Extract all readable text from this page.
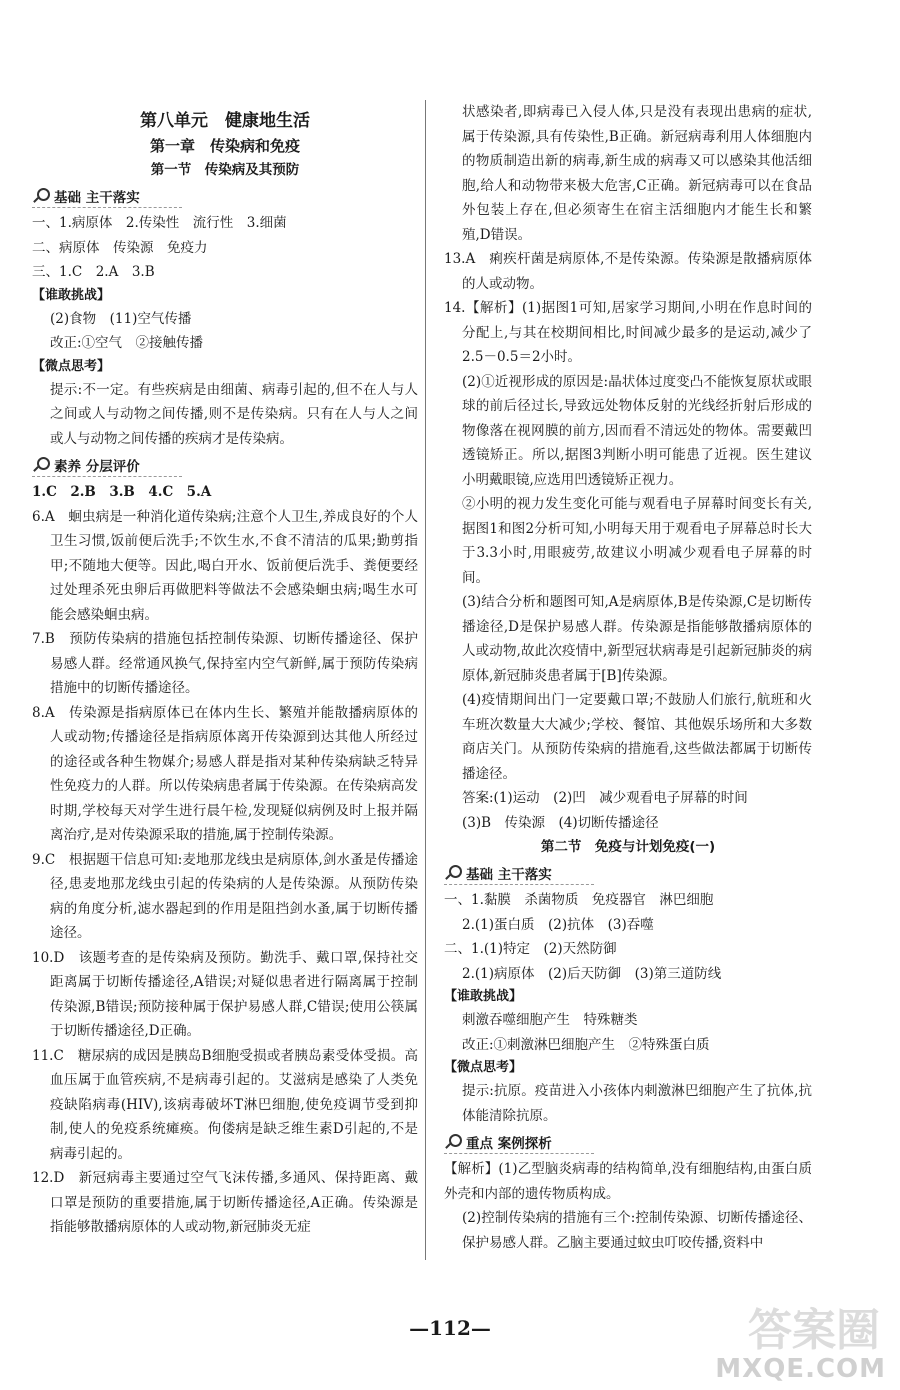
第八单元　健康地生活

第一章　传染病和免疫

第一节　传染病及其预防

基础 主干落实

一、1.病原体　2.传染性　流行性　3.细菌

二、病原体　传染源　免疫力

三、1.C　2.A　3.B

【谁敢挑战】

(2)食物　(11)空气传播

改正:①空气　②接触传播

【微点思考】

提示:不一定。有些疾病是由细菌、病毒引起的,但不在人与人之间或人与动物之间传播,则不是传染病。只有在人与人之间或人与动物之间传播的疾病才是传染病。

素养 分层评价

1.C　2.B　3.B　4.C　5.A

6.A　蛔虫病是一种消化道传染病;注意个人卫生,养成良好的个人卫生习惯,饭前便后洗手;不饮生水,不食不清洁的瓜果;勤剪指甲;不随地大便等。因此,喝白开水、饭前便后洗手、粪便要经过处理杀死虫卵后再做肥料等做法不会感染蛔虫病;喝生水可能会感染蛔虫病。

7.B　预防传染病的措施包括控制传染源、切断传播途径、保护易感人群。经常通风换气,保持室内空气新鲜,属于预防传染病措施中的切断传播途径。

8.A　传染源是指病原体已在体内生长、繁殖并能散播病原体的人或动物;传播途径是指病原体离开传染源到达其他人所经过的途径或各种生物媒介;易感人群是指对某种传染病缺乏特异性免疫力的人群。所以传染病患者属于传染源。在传染病高发时期,学校每天对学生进行晨午检,发现疑似病例及时上报并隔离治疗,是对传染源采取的措施,属于控制传染源。

9.C　根据题干信息可知:麦地那龙线虫是病原体,剑水蚤是传播途径,患麦地那龙线虫引起的传染病的人是传染源。从预防传染病的角度分析,滤水器起到的作用是阻挡剑水蚤,属于切断传播途径。

10.D　该题考查的是传染病及预防。勤洗手、戴口罩,保持社交距离属于切断传播途径,A错误;对疑似患者进行隔离属于控制传染源,B错误;预防接种属于保护易感人群,C错误;使用公筷属于切断传播途径,D正确。

11.C　糖尿病的成因是胰岛B细胞受损或者胰岛素受体受损。高血压属于血管疾病,不是病毒引起的。艾滋病是感染了人类免疫缺陷病毒(HIV),该病毒破坏T淋巴细胞,使免疫调节受到抑制,使人的免疫系统瘫痪。佝偻病是缺乏维生素D引起的,不是病毒引起的。

12.D　新冠病毒主要通过空气飞沫传播,多通风、保持距离、戴口罩是预防的重要措施,属于切断传播途径,A正确。传染源是指能够散播病原体的人或动物,新冠肺炎无症

状感染者,即病毒已入侵人体,只是没有表现出患病的症状,属于传染源,具有传染性,B正确。新冠病毒利用人体细胞内的物质制造出新的病毒,新生成的病毒又可以感染其他活细胞,给人和动物带来极大危害,C正确。新冠病毒可以在食品外包装上存在,但必须寄生在宿主活细胞内才能生长和繁殖,D错误。

13.A　痢疾杆菌是病原体,不是传染源。传染源是散播病原体的人或动物。

14.【解析】(1)据图1可知,居家学习期间,小明在作息时间的分配上,与其在校期间相比,时间减少最多的是运动,减少了2.5－0.5＝2小时。

(2)①近视形成的原因是:晶状体过度变凸不能恢复原状或眼球的前后径过长,导致远处物体反射的光线经折射后形成的物像落在视网膜的前方,因而看不清远处的物体。需要戴凹透镜矫正。所以,据图3判断小明可能患了近视。医生建议小明戴眼镜,应选用凹透镜矫正视力。

②小明的视力发生变化可能与观看电子屏幕时间变长有关,据图1和图2分析可知,小明每天用于观看电子屏幕总时长大于3.3小时,用眼疲劳,故建议小明减少观看电子屏幕的时间。

(3)结合分析和题图可知,A是病原体,B是传染源,C是切断传播途径,D是保护易感人群。传染源是指能够散播病原体的人或动物,故此次疫情中,新型冠状病毒是引起新冠肺炎的病原体,新冠肺炎患者属于[B]传染源。

(4)疫情期间出门一定要戴口罩;不鼓励人们旅行,航班和火车班次数量大大减少;学校、餐馆、其他娱乐场所和大多数商店关门。从预防传染病的措施看,这些做法都属于切断传播途径。

答案:(1)运动　(2)凹　减少观看电子屏幕的时间

(3)B　传染源　(4)切断传播途径

第二节　免疫与计划免疫(一)

基础 主干落实

一、1.黏膜　杀菌物质　免疫器官　淋巴细胞

2.(1)蛋白质　(2)抗体　(3)吞噬

二、1.(1)特定　(2)天然防御

2.(1)病原体　(2)后天防御　(3)第三道防线

【谁敢挑战】

刺激吞噬细胞产生　特殊糖类

改正:①刺激淋巴细胞产生　②特殊蛋白质

【微点思考】

提示:抗原。疫苗进入小孩体内刺激淋巴细胞产生了抗体,抗体能清除抗原。

重点 案例探析

【解析】(1)乙型脑炎病毒的结构简单,没有细胞结构,由蛋白质外壳和内部的遗传物质构成。

(2)控制传染病的措施有三个:控制传染源、切断传播途径、保护易感人群。乙脑主要通过蚊虫叮咬传播,资料中

—112—	答案圈
MXQE.COM
